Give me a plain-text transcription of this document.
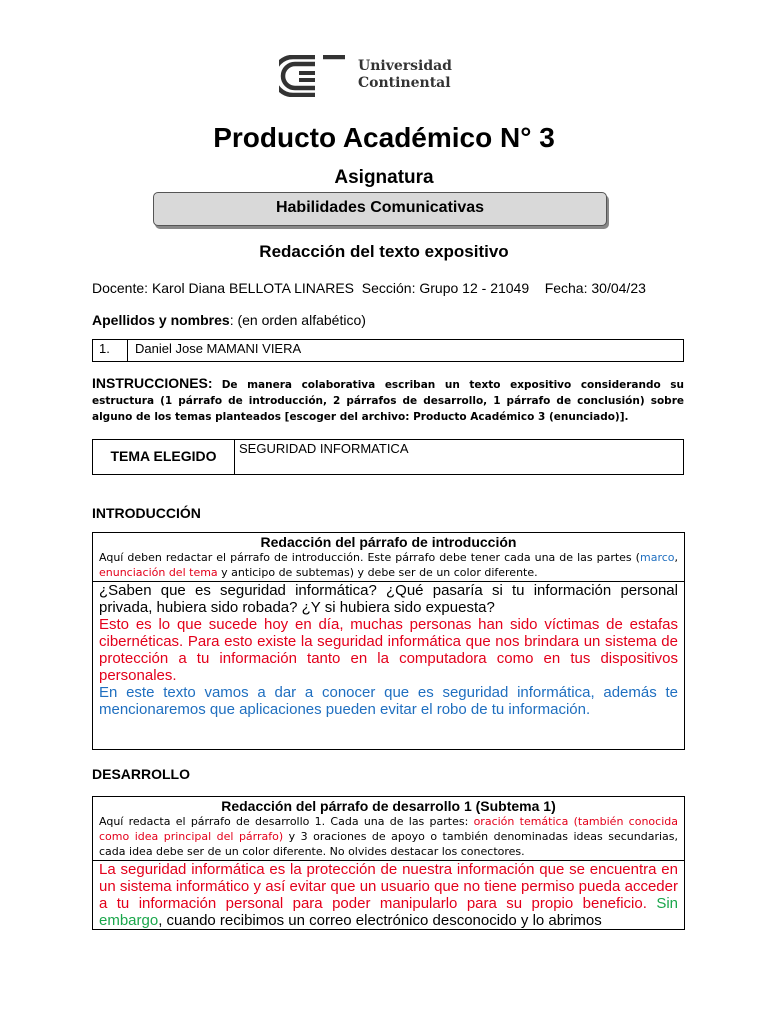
Universidad
Continental
Producto Académico N° 3
Asignatura
Habilidades Comunicativas
Redacción del texto expositivo
Docente: Karol Diana BELLOTA LINARES Sección: Grupo 12 - 21049 Fecha: 30/04/23
Apellidos y nombres: (en orden alfabético)
1.	Daniel Jose MAMANI VIERA
INSTRUCCIONES: De manera colaborativa escriban un texto expositivo considerando su estructura (1 párrafo de introducción, 2 párrafos de desarrollo, 1 párrafo de conclusión) sobre alguno de los temas planteados [escoger del archivo: Producto Académico 3 (enunciado)].
TEMA ELEGIDO	SEGURIDAD INFORMATICA
INTRODUCCIÓN
Redacción del párrafo de introducción
Aquí deben redactar el párrafo de introducción. Este párrafo debe tener cada una de las partes (marco, enunciación del tema y anticipo de subtemas) y debe ser de un color diferente.
¿Saben que es seguridad informática? ¿Qué pasaría si tu información personal privada, hubiera sido robada? ¿Y si hubiera sido expuesta?
Esto es lo que sucede hoy en día, muchas personas han sido víctimas de estafas cibernéticas. Para esto existe la seguridad informática que nos brindara un sistema de protección a tu información tanto en la computadora como en tus dispositivos personales.
En este texto vamos a dar a conocer que es seguridad informática, además te mencionaremos que aplicaciones pueden evitar el robo de tu información.
DESARROLLO
Redacción del párrafo de desarrollo 1 (Subtema 1)
Aquí redacta el párrafo de desarrollo 1. Cada una de las partes: oración temática (también conocida como idea principal del párrafo) y 3 oraciones de apoyo o también denominadas ideas secundarias, cada idea debe ser de un color diferente. No olvides destacar los conectores.
La seguridad informática es la protección de nuestra información que se encuentra en un sistema informático y así evitar que un usuario que no tiene permiso pueda acceder a tu información personal para poder manipularlo para su propio beneficio. Sin embargo, cuando recibimos un correo electrónico desconocido y lo abrimos
